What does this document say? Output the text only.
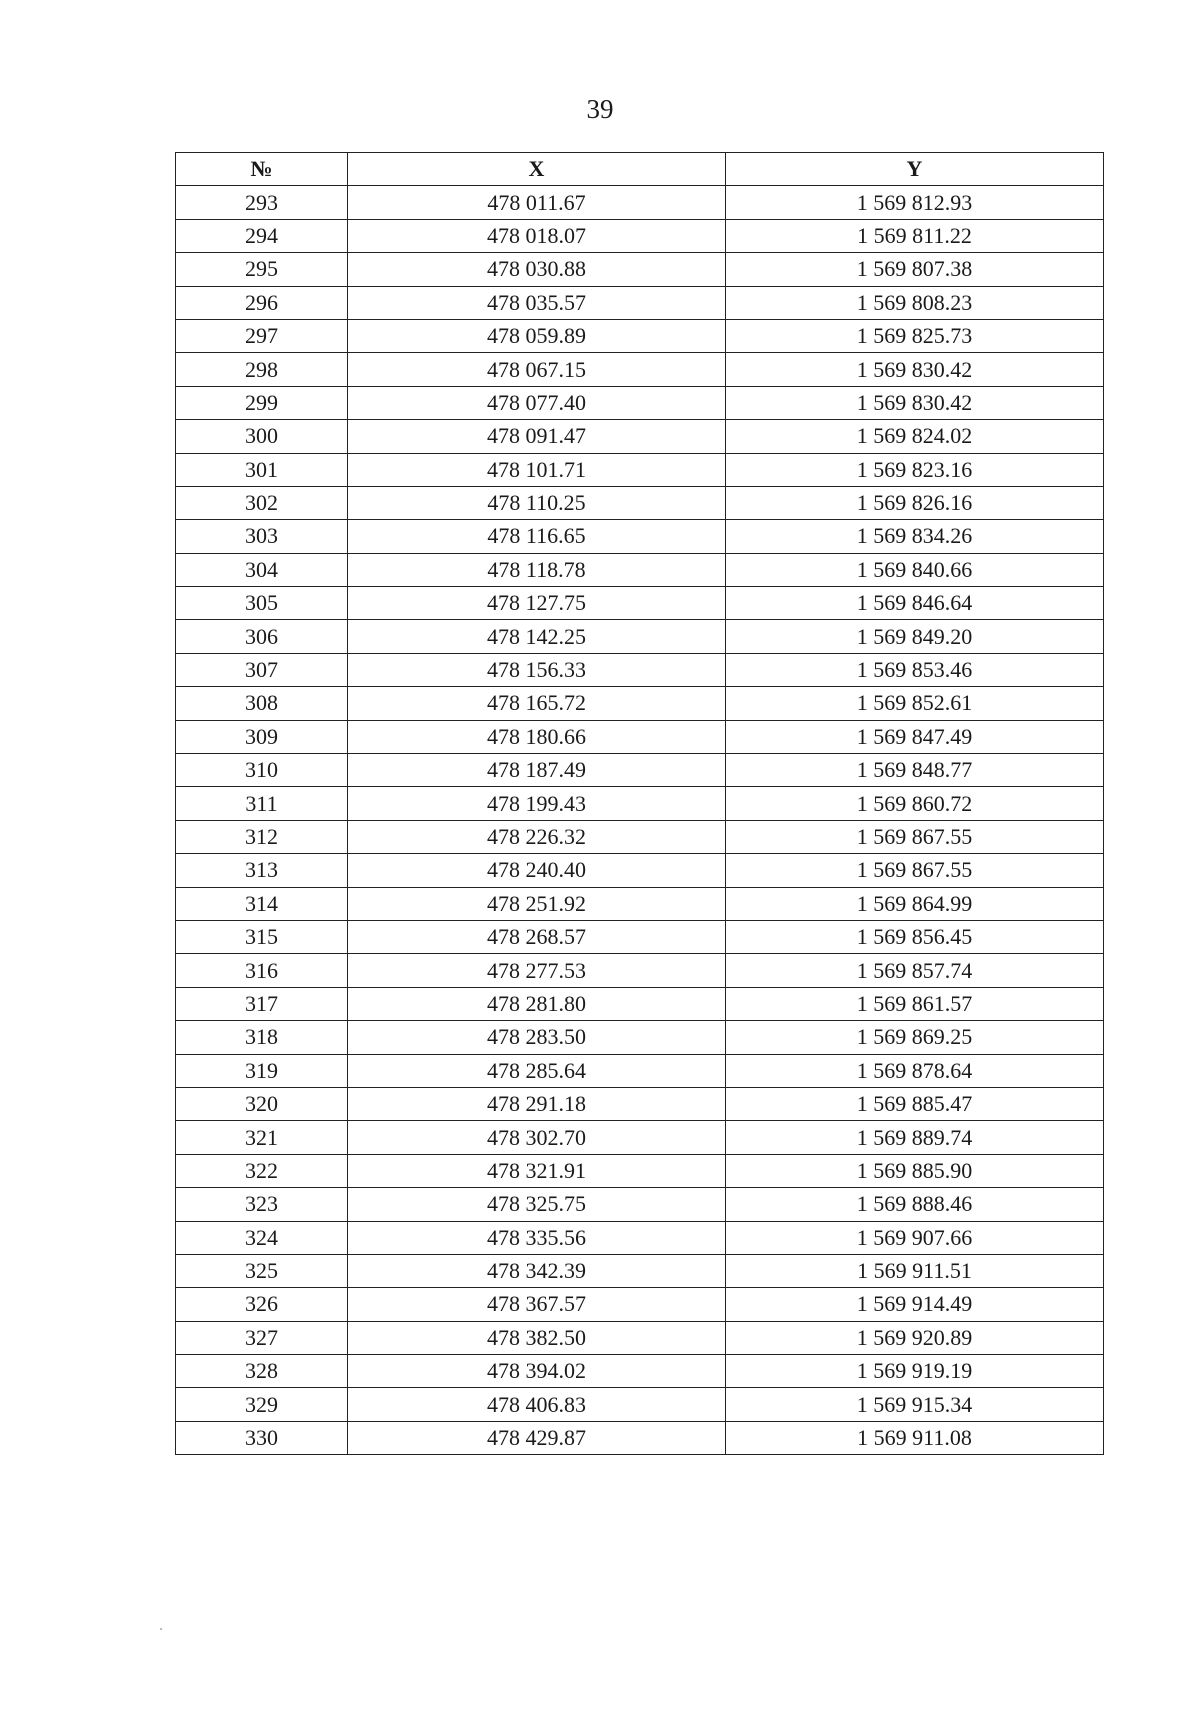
39
№	X	Y
293	478 011.67	1 569 812.93
294	478 018.07	1 569 811.22
295	478 030.88	1 569 807.38
296	478 035.57	1 569 808.23
297	478 059.89	1 569 825.73
298	478 067.15	1 569 830.42
299	478 077.40	1 569 830.42
300	478 091.47	1 569 824.02
301	478 101.71	1 569 823.16
302	478 110.25	1 569 826.16
303	478 116.65	1 569 834.26
304	478 118.78	1 569 840.66
305	478 127.75	1 569 846.64
306	478 142.25	1 569 849.20
307	478 156.33	1 569 853.46
308	478 165.72	1 569 852.61
309	478 180.66	1 569 847.49
310	478 187.49	1 569 848.77
311	478 199.43	1 569 860.72
312	478 226.32	1 569 867.55
313	478 240.40	1 569 867.55
314	478 251.92	1 569 864.99
315	478 268.57	1 569 856.45
316	478 277.53	1 569 857.74
317	478 281.80	1 569 861.57
318	478 283.50	1 569 869.25
319	478 285.64	1 569 878.64
320	478 291.18	1 569 885.47
321	478 302.70	1 569 889.74
322	478 321.91	1 569 885.90
323	478 325.75	1 569 888.46
324	478 335.56	1 569 907.66
325	478 342.39	1 569 911.51
326	478 367.57	1 569 914.49
327	478 382.50	1 569 920.89
328	478 394.02	1 569 919.19
329	478 406.83	1 569 915.34
330	478 429.87	1 569 911.08
